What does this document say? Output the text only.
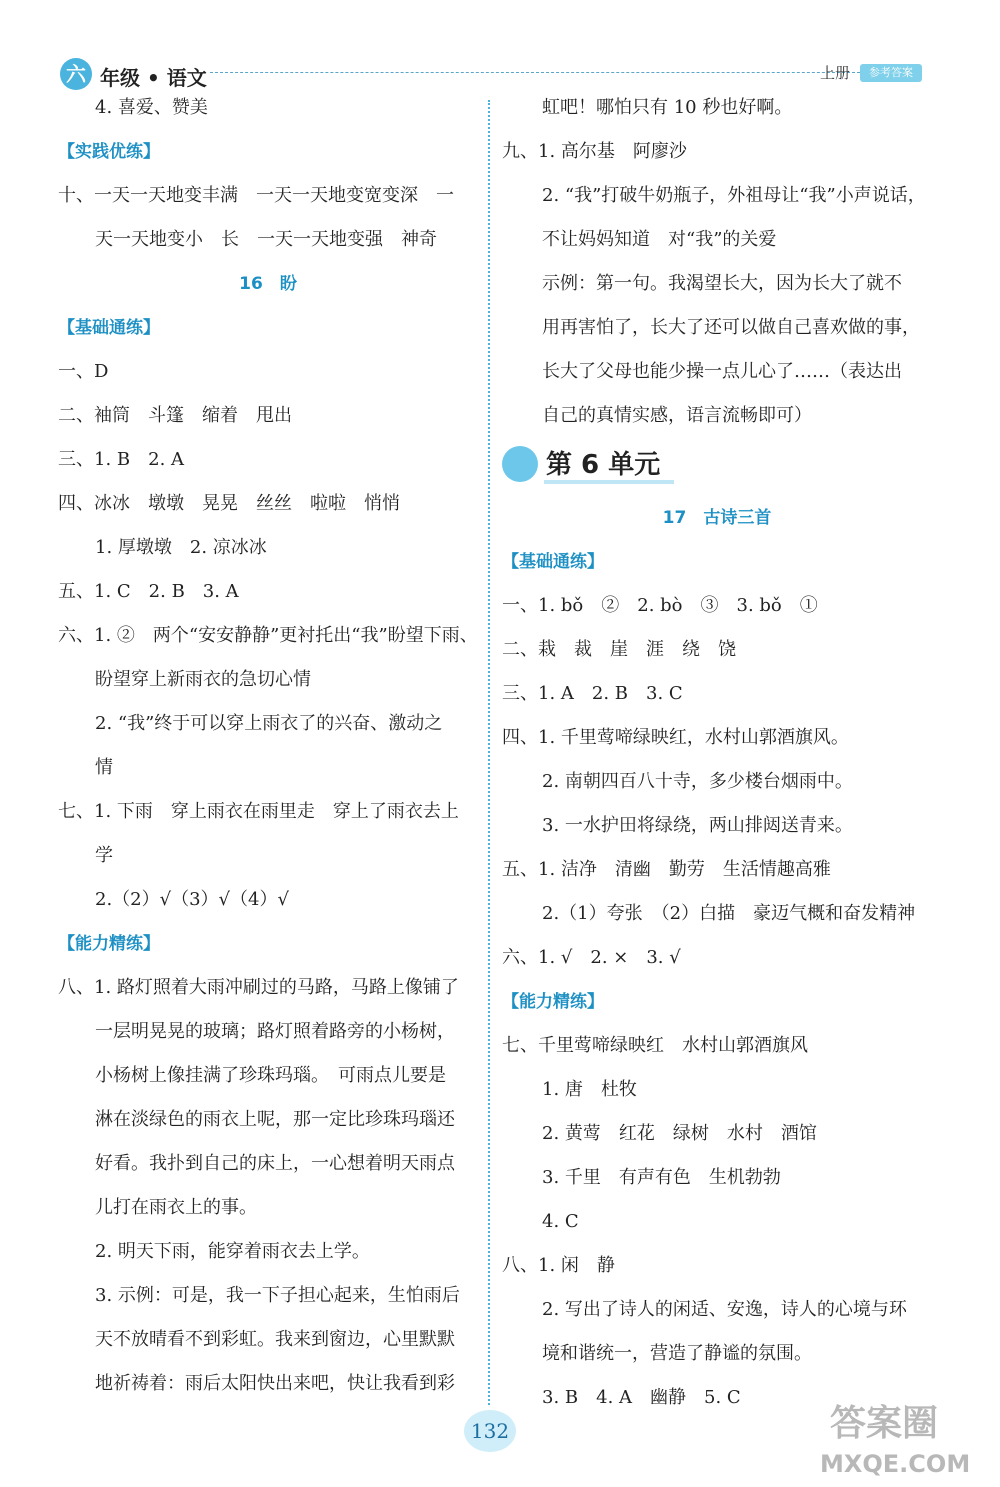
六 年级 • 语文	上册	参考答案
4. 喜爱、赞美
【实践优练】
十、一天一天地变丰满　一天一天地变宽变深　一
天一天地变小　长　一天一天地变强　神奇
16　盼
【基础通练】
一、D
二、袖筒　斗篷　缩着　甩出
三、1. B　2. A
四、冰冰　墩墩　晃晃　丝丝　啦啦　悄悄
1. 厚墩墩　2. 凉冰冰
五、1. C　2. B　3. A
六、1. ②　两个“安安静静”更衬托出“我”盼望下雨、
盼望穿上新雨衣的急切心情
2. “我”终于可以穿上雨衣了的兴奋、激动之
情
七、1. 下雨　穿上雨衣在雨里走　穿上了雨衣去上
学
2.（2）√（3）√（4）√
【能力精练】
八、1. 路灯照着大雨冲刷过的马路，马路上像铺了
一层明晃晃的玻璃；路灯照着路旁的小杨树，
小杨树上像挂满了珍珠玛瑙。　可雨点儿要是
淋在淡绿色的雨衣上呢，那一定比珍珠玛瑙还
好看。我扑到自己的床上，一心想着明天雨点
儿打在雨衣上的事。
2. 明天下雨，能穿着雨衣去上学。
3. 示例：可是，我一下子担心起来，生怕雨后
天不放晴看不到彩虹。我来到窗边，心里默默
地祈祷着：雨后太阳快出来吧，快让我看到彩
虹吧！哪怕只有 10 秒也好啊。
九、1. 高尔基　阿廖沙
2. “我”打破牛奶瓶子，外祖母让“我”小声说话，
不让妈妈知道　对“我”的关爱
示例：第一句。我渴望长大，因为长大了就不
用再害怕了，长大了还可以做自己喜欢做的事，
长大了父母也能少操一点儿心了……（表达出
自己的真情实感，语言流畅即可）
第 6 单元
17　古诗三首
【基础通练】
一、1. bǒ　②　2. bò　③　3. bǒ　①
二、栽　裁　崖　涯　绕　饶
三、1. A　2. B　3. C
四、1. 千里莺啼绿映红，水村山郭酒旗风。
2. 南朝四百八十寺，多少楼台烟雨中。
3. 一水护田将绿绕，两山排闼送青来。
五、1. 洁净　清幽　勤劳　生活情趣高雅
2.（1）夸张　（2）白描　豪迈气概和奋发精神
六、1. √　2. ×　3. √
【能力精练】
七、千里莺啼绿映红　水村山郭酒旗风
1. 唐　杜牧
2. 黄莺　红花　绿树　水村　酒馆
3. 千里　有声有色　生机勃勃
4. C
八、1. 闲　静
2. 写出了诗人的闲适、安逸，诗人的心境与环
境和谐统一，营造了静谧的氛围。
3. B　4. A　幽静　5. C
132	答案圈
MXQE.COM
